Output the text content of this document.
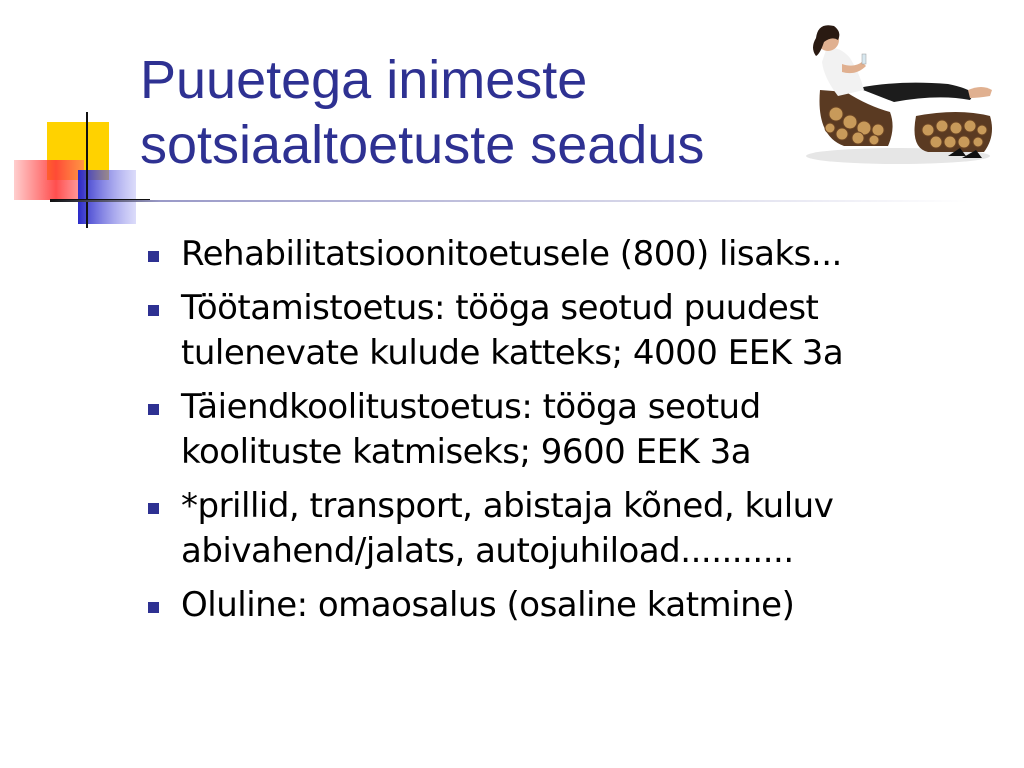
Puuetega inimeste
sotsiaaltoetuste seadus
Rehabilitatsioonitoetusele (800) lisaks...
Töötamistoetus: tööga seotud puudest
tulenevate kulude katteks; 4000 EEK 3a
Täiendkoolitustoetus: tööga seotud
koolituste katmiseks; 9600 EEK 3a
*prillid, transport, abistaja kõned, kuluv
abivahend/jalats, autojuhiload...........
Oluline: omaosalus (osaline katmine)
